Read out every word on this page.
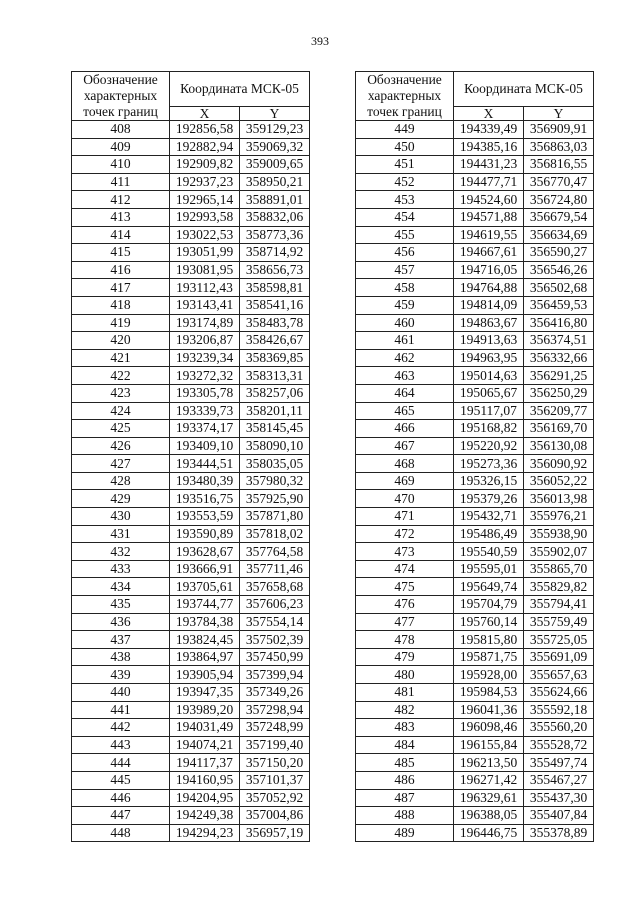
393
Обозначение характерных точек границ	Координата МСК-05	
	X	Y
408	192856,58	359129,23
409	192882,94	359069,32
410	192909,82	359009,65
411	192937,23	358950,21
412	192965,14	358891,01
413	192993,58	358832,06
414	193022,53	358773,36
415	193051,99	358714,92
416	193081,95	358656,73
417	193112,43	358598,81
418	193143,41	358541,16
419	193174,89	358483,78
420	193206,87	358426,67
421	193239,34	358369,85
422	193272,32	358313,31
423	193305,78	358257,06
424	193339,73	358201,11
425	193374,17	358145,45
426	193409,10	358090,10
427	193444,51	358035,05
428	193480,39	357980,32
429	193516,75	357925,90
430	193553,59	357871,80
431	193590,89	357818,02
432	193628,67	357764,58
433	193666,91	357711,46
434	193705,61	357658,68
435	193744,77	357606,23
436	193784,38	357554,14
437	193824,45	357502,39
438	193864,97	357450,99
439	193905,94	357399,94
440	193947,35	357349,26
441	193989,20	357298,94
442	194031,49	357248,99
443	194074,21	357199,40
444	194117,37	357150,20
445	194160,95	357101,37
446	194204,95	357052,92
447	194249,38	357004,86
448	194294,23	356957,19
Обозначение характерных точек границ	Координата МСК-05	
	X	Y
449	194339,49	356909,91
450	194385,16	356863,03
451	194431,23	356816,55
452	194477,71	356770,47
453	194524,60	356724,80
454	194571,88	356679,54
455	194619,55	356634,69
456	194667,61	356590,27
457	194716,05	356546,26
458	194764,88	356502,68
459	194814,09	356459,53
460	194863,67	356416,80
461	194913,63	356374,51
462	194963,95	356332,66
463	195014,63	356291,25
464	195065,67	356250,29
465	195117,07	356209,77
466	195168,82	356169,70
467	195220,92	356130,08
468	195273,36	356090,92
469	195326,15	356052,22
470	195379,26	356013,98
471	195432,71	355976,21
472	195486,49	355938,90
473	195540,59	355902,07
474	195595,01	355865,70
475	195649,74	355829,82
476	195704,79	355794,41
477	195760,14	355759,49
478	195815,80	355725,05
479	195871,75	355691,09
480	195928,00	355657,63
481	195984,53	355624,66
482	196041,36	355592,18
483	196098,46	355560,20
484	196155,84	355528,72
485	196213,50	355497,74
486	196271,42	355467,27
487	196329,61	355437,30
488	196388,05	355407,84
489	196446,75	355378,89
